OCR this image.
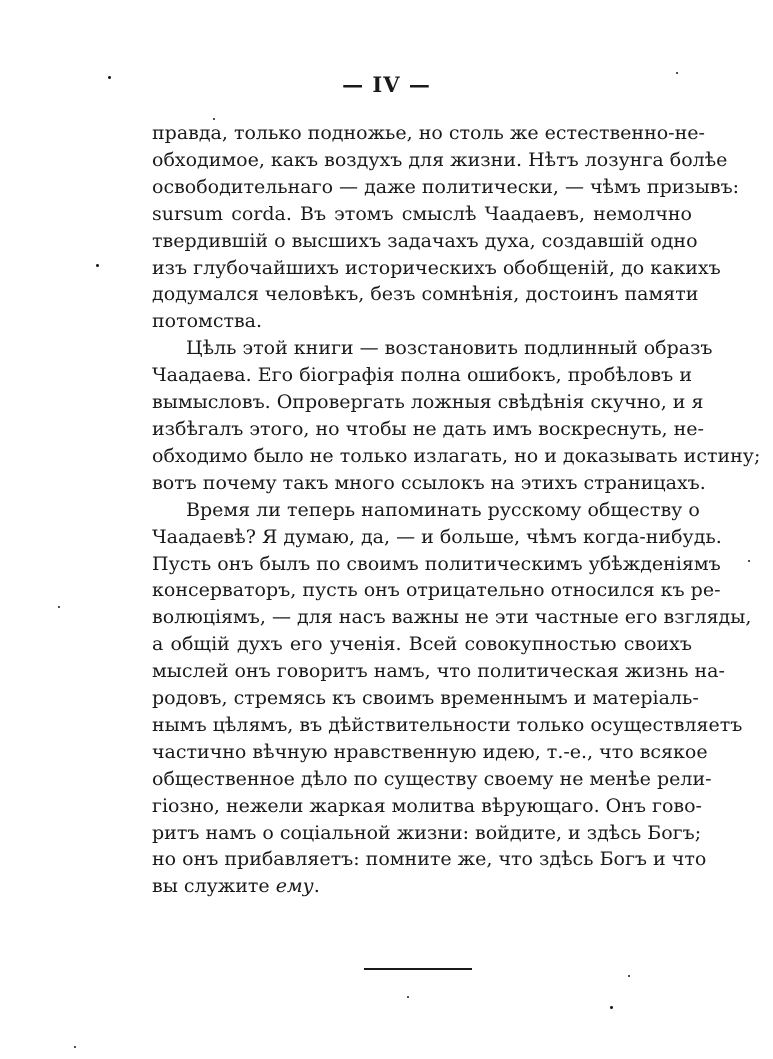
— IV —

правда, только подножье, но столь же естественно-не-
обходимое, какъ воздухъ для жизни. Нѣтъ лозунга болѣе
освободительнаго — даже политически, — чѣмъ призывъ:
sursum corda. Въ этомъ смыслѣ Чаадаевъ, немолчно
твердившій о высшихъ задачахъ духа, создавшій одно
изъ глубочайшихъ историческихъ обобщеній, до какихъ
додумался человѣкъ, безъ сомнѣнія, достоинъ памяти
потомства.

Цѣль этой книги — возстановить подлинный образъ
Чаадаева. Его біографія полна ошибокъ, пробѣловъ и
вымысловъ. Опровергать ложныя свѣдѣнія скучно, и я
избѣгалъ этого, но чтобы не дать имъ воскреснуть, не-
обходимо было не только излагать, но и доказывать истину;
вотъ почему такъ много ссылокъ на этихъ страницахъ.

Время ли теперь напоминать русскому обществу о
Чаадаевѣ? Я думаю, да, — и больше, чѣмъ когда-нибудь.
Пусть онъ былъ по своимъ политическимъ убѣжденіямъ
консерваторъ, пусть онъ отрицательно относился къ ре-
волюціямъ, — для насъ важны не эти частные его взгляды,
а общій духъ его ученія. Всей совокупностью своихъ
мыслей онъ говоритъ намъ, что политическая жизнь на-
родовъ, стремясь къ своимъ временнымъ и матеріаль-
нымъ цѣлямъ, въ дѣйствительности только осуществляетъ
частично вѣчную нравственную идею, т.-е., что всякое
общественное дѣло по существу своему не менѣе рели-
гіозно, нежели жаркая молитва вѣрующаго. Онъ гово-
ритъ намъ о соціальной жизни: войдите, и здѣсь Богъ;
но онъ прибавляетъ: помните же, что здѣсь Богъ и что
вы служите ему.
